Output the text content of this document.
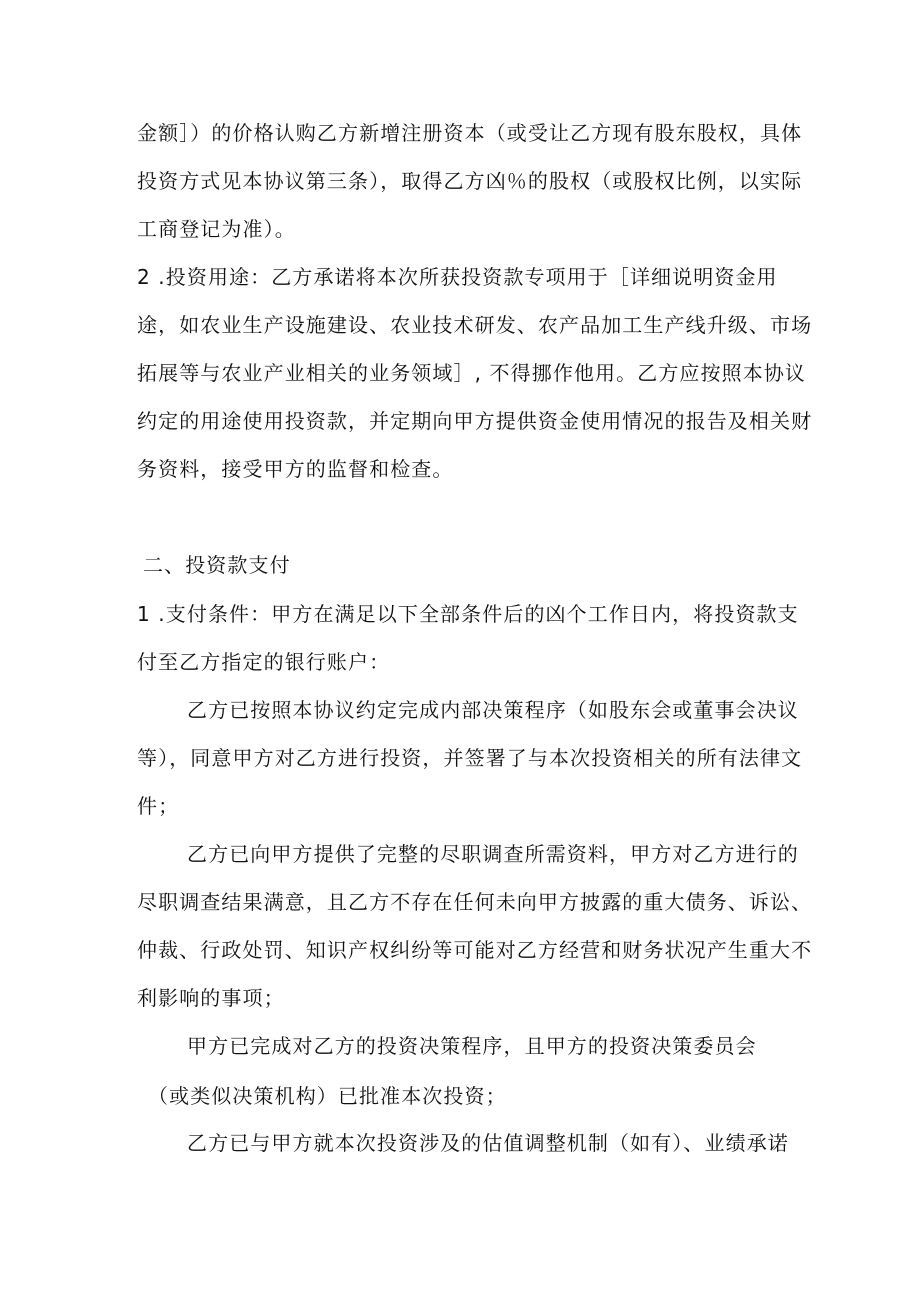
金额］）的价格认购乙方新增注册资本（或受让乙方现有股东股权，具体
投资方式见本协议第三条），取得乙方凶％的股权（或股权比例，以实际
工商登记为准）。
2 .投资用途：乙方承诺将本次所获投资款专项用于［详细说明资金用
途，如农业生产设施建设、农业技术研发、农产品加工生产线升级、市场
拓展等与农业产业相关的业务领域］, 不得挪作他用。乙方应按照本协议
约定的用途使用投资款，并定期向甲方提供资金使用情况的报告及相关财
务资料，接受甲方的监督和检查。
二、投资款支付
1 .支付条件：甲方在满足以下全部条件后的凶个工作日内，将投资款支
付至乙方指定的银行账户：
乙方已按照本协议约定完成内部决策程序（如股东会或董事会决议
等），同意甲方对乙方进行投资，并签署了与本次投资相关的所有法律文
件；
乙方已向甲方提供了完整的尽职调查所需资料，甲方对乙方进行的
尽职调查结果满意，且乙方不存在任何未向甲方披露的重大债务、诉讼、
仲裁、行政处罚、知识产权纠纷等可能对乙方经营和财务状况产生重大不
利影响的事项；
甲方已完成对乙方的投资决策程序，且甲方的投资决策委员会
（或类似决策机构）已批准本次投资；
乙方已与甲方就本次投资涉及的估值调整机制（如有）、业绩承诺
